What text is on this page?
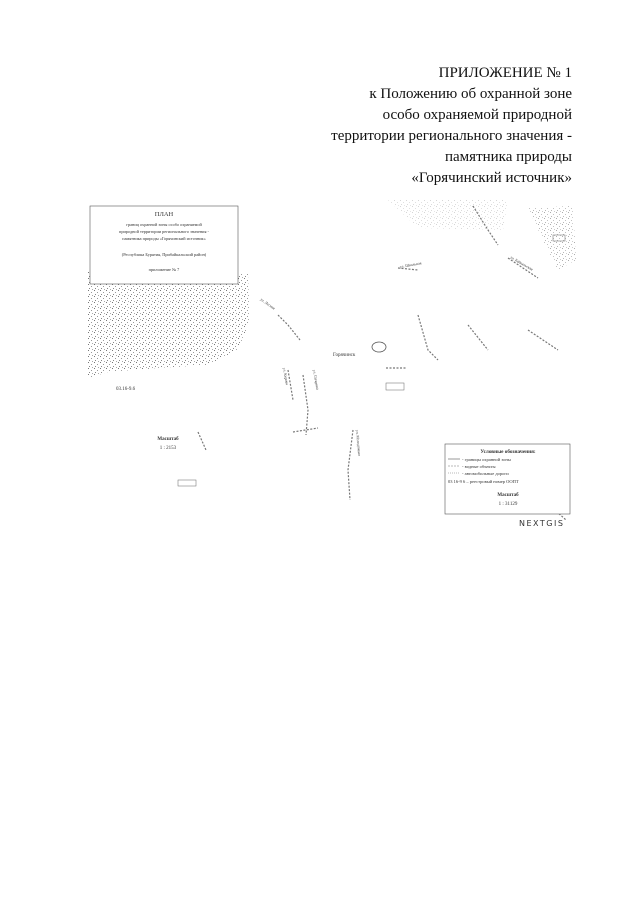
ПРИЛОЖЕНИЕ № 1
к Положению об охранной зоне
особо охраняемой природной
территории регионального значения -
памятника природы
«Горячинский источник»
ПЛАН
границ охранной зоны особо охраняемой
природной территории регионального значения -
памятника природы «Горячинский источник»
(Республика Бурятия, Прибайкальский район)
приложение № 7
03.16-9.6
Масштаб
1 : 2153
Горячинск
ул. Гагарина
ул. Молодёжная
ул. Лесная
ул. Кирова
ул. Байкальская
ул. Школьная
Условные обозначения:
- границы охранной зоны
- водные объекты
- автомобильные дороги
03 16-9 6 – реестровый номер ООПТ
Масштаб
1 : 31129
NEXTGIS
